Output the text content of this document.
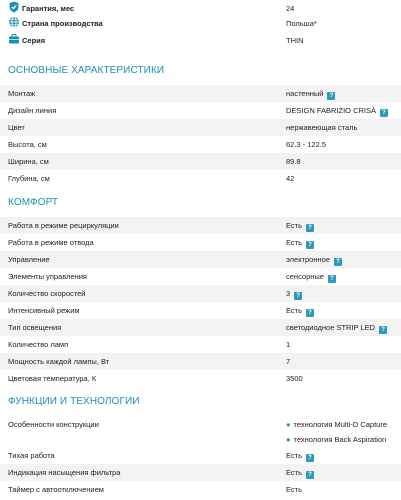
Гарантия, мес	24
Страна производства	Польша*
Серия	THIN
ОСНОВНЫЕ ХАРАКТЕРИСТИКИ
Монтаж	настенный ?
Дизайн линия	DESIGN FABRIZIO CRISÀ ?
Цвет	нержавеющая сталь
Высота, см	62.3 - 122.5
Ширина, см	89.8
Глубина, см	42
КОМФОРТ
Работа в режиме рециркуляции	Есть ?
Работа в режиме отвода	Есть ?
Управление	электронное ?
Элементы управления	сенсорные ?
Количество скоростей	3 ?
Интенсивный режим	Есть ?
Тип освещения	светодиодное STRIP LED ?
Количество ламп	1
Мощность каждой лампы, Вт	7
Цветовая температура, К	3500
ФУНКЦИИ И ТЕХНОЛОГИИ
Особенности конструкции	● технология Multi-D Capture
● технология Back Aspiration
Тихая работа	Есть ?
Индикация насыщения фильтра	Есть ?
Таймер с автоотключением	Есть
